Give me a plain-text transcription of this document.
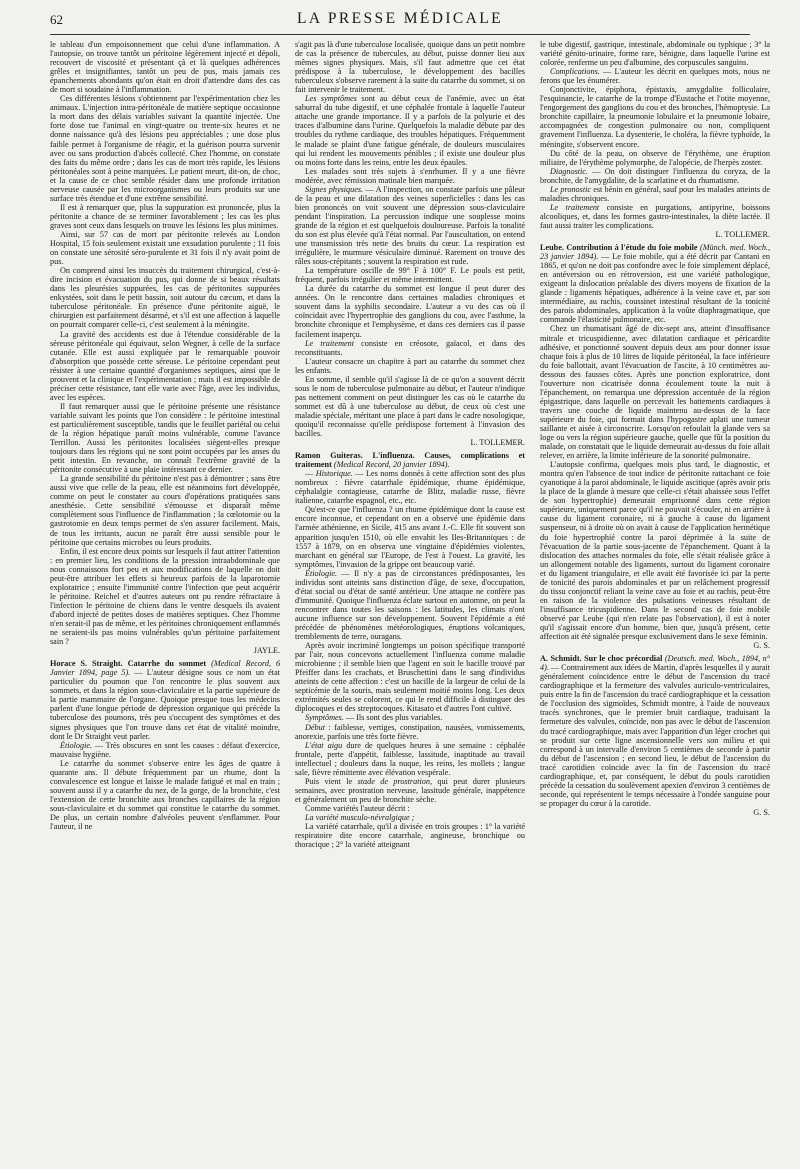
62	LA PRESSE MÉDICALE

le tableau d'un empoisonnement que celui d'une inflammation. A l'autopsie, on trouve tantôt un péritoine légèrement injecté et dépoli, recouvert de viscosité et présentant çà et là quelques adhérences grêles et insignifiantes, tantôt un peu de pus, mais jamais ces épanchements abondants qu'on était en droit d'attendre dans des cas de mort si soudaine à l'inflammation.

Ces différentes lésions s'obtiennent par l'expérimentation chez les animaux. L'injection intra-péritonéale de matière septique occasionne la mort dans des délais variables suivant la quantité injectée. Une forte dose tue l'animal en vingt-quatre ou trente-six heures et ne donne naissance qu'à des lésions peu appréciables ; une dose plus faible permet à l'organisme de réagir, et la guérison pourra survenir avec ou sans production d'abcès collecté. Chez l'homme, on constate des faits du même ordre ; dans les cas de mort très rapide, les lésions péritonéales sont à peine marquées. Le patient meurt, dit-on, de choc, et la cause de ce choc semble résider dans une profonde irritation nerveuse causée par les microorganismes ou leurs produits sur une surface très étendue et d'une extrême sensibilité.

Il est à remarquer que, plus la suppuration est prononcée, plus la péritonite a chance de se terminer favorablement ; les cas les plus graves sont ceux dans lesquels on trouve les lésions les plus minimes.

Ainsi, sur 57 cas de mort par péritonite relevés au London Hospital, 15 fois seulement existait une exsudation purulente ; 11 fois on constate une sérosité séro-purulente et 31 fois il n'y avait point de pus.

On comprend ainsi les insuccès du traitement chirurgical, c'est-à-dire incision et évacuation du pus, qui donne de si beaux résultats dans les pleurésies suppurées, les cas de péritonites suppurées enkystées, soit dans le petit bassin, soit autour du cæcum, et dans la tuberculose péritonéale. En présence d'une péritonite aiguë, le chirurgien est parfaitement désarmé, et s'il est une affection à laquelle on pourrait comparer celle-ci, c'est seulement à la méningite.

La gravité des accidents est due à l'étendue considérable de la séreuse péritonéale qui équivaut, selon Wegner, à celle de la surface cutanée. Elle est aussi expliquée par le remarquable pouvoir d'absorption que possède cette séreuse. Le péritoine cependant peut résister à une certaine quantité d'organismes septiques, ainsi que le prouvent et la clinique et l'expérimentation ; mais il est impossible de préciser cette résistance, tant elle varie avec l'âge, avec les individus, avec les espèces.

Il faut remarquer aussi que le péritoine présente une résistance variable suivant les points que l'on considère : le péritoine intestinal est particulièrement susceptible, tandis que le feuillet pariétal ou celui de la région hépatique paraît moins vulnérable, comme l'avance Terrillon. Aussi les péritonites localisées siègent-elles presque toujours dans les régions qui ne sont point occupées par les anses du petit intestin. En revanche, on connaît l'extrême gravité de la péritonite consécutive à une plaie intéressant ce dernier.

La grande sensibilité du péritoine n'est pas à démontrer ; sans être aussi vive que celle de la peau, elle est néanmoins fort développée, comme on peut le constater au cours d'opérations pratiquées sans anesthésie. Cette sensibilité s'émousse et disparaît même complètement sous l'influence de l'inflammation ; la cœlotomie ou la gastrotomie en deux temps permet de s'en assurer facilement. Mais, de tous les irritants, aucun ne paraît être aussi sensible pour le péritoine que certains microbes ou leurs produits.

Enfin, il est encore deux points sur lesquels il faut attirer l'attention : en premier lieu, les conditions de la pression intraabdominale que nous connaissons fort peu et aux modifications de laquelle on doit peut-être attribuer les effets si heureux parfois de la laparotomie exploratrice ; ensuite l'immunité contre l'infection que peut acquérir le péritoine. Reichel et d'autres auteurs ont pu rendre réfractaire à l'infection le péritoine de chiens dans le ventre desquels ils avaient d'abord injecté de petites doses de matières septiques. Chez l'homme n'en serait-il pas de même, et les péritoines chroniquement enflammés ne seraient-ils pas moins vulnérables qu'un péritoine parfaitement sain ?

JAYLE.

Horace S. Straight. Catarrhe du sommet (Medical Record, 6 Janvier 1894, page 5). — L'auteur désigne sous ce nom un état particulier du poumon que l'on rencontre le plus souvent aux sommets, et dans la région sous-claviculaire et la partie supérieure de la partie mammaire de l'organe. Quoique presque tous les médecins parlent d'une longue période de dépression organique qui précède la tuberculose des poumons, très peu s'occupent des symptômes et des signes physiques que l'on trouve dans cet état de vitalité moindre, dont le Dr Straight veut parler.

Étiologie. — Très obscures en sont les causes : défaut d'exercice, mauvaise hygiène.

Le catarrhe du sommet s'observe entre les âges de quatre à quarante ans. Il débute fréquemment par un rhume, dont la convalescence est longue et laisse le malade fatigué et mal en train ; souvent aussi il y a catarrhe du nez, de la gorge, de la bronchite, c'est l'extension de cette bronchite aux bronches capillaires de la région sous-claviculaire et du sommet qui constitue le catarrhe du sommet. De plus, un certain nombre d'alvéoles peuvent s'enflammer. Pour l'auteur, il ne

s'agit pas là d'une tuberculose localisée, quoique dans un petit nombre de cas la présence de tubercules, au début, puisse donner lieu aux mêmes signes physiques. Mais, s'il faut admettre que cet état prédispose à la tuberculose, le développement des bacilles tuberculeux s'observe rarement à la suite du catarrhe du sommet, si on fait intervenir le traitement.

Les symptômes sont au début ceux de l'anémie, avec un état saburral du tube digestif, et une céphalée frontale à laquelle l'auteur attache une grande importance. Il y a parfois de la polyurie et des traces d'albumine dans l'urine. Quelquefois la maladie débute par des troubles du rythme cardiaque, des troubles hépatiques. Fréquemment le malade se plaint d'une fatigue générale, de douleurs musculaires qui lui rendent les mouvements pénibles ; il existe une douleur plus ou moins forte dans les reins, entre les deux épaules.

Les malades sont très sujets à s'enrhumer. Il y a une fièvre modérée, avec rémission matinale bien marquée.

Signes physiques. — A l'inspection, on constate parfois une pâleur de la peau et une dilatation des veines superficielles : dans les cas bien prononcés on voit souvent une dépression sous-claviculaire pendant l'inspiration. La percussion indique une souplesse moins grande de la région et est quelquefois douloureuse. Parfois la tonalité du son est plus élevée qu'à l'état normal. Par l'auscultation, on entend une transmission très nette des bruits du cœur. La respiration est irrégulière, le murmure vésiculaire diminué. Rarement on trouve des râles sous-crépitants ; souvent la respiration est rude.

La température oscille de 99° F à 100° F. Le pouls est petit, fréquent, parfois irrégulier et même intermittent.

La durée du catarrhe du sommet est longue il peut durer des années. On le rencontre dans certaines maladies chroniques et souvent dans la syphilis secondaire. L'auteur a vu des cas où il coïncidait avec l'hypertrophie des ganglions du cou, avec l'asthme, la bronchite chronique et l'emphysème, et dans ces derniers cas il passe facilement inaperçu.

Le traitement consiste en créosote, gaïacol, et dans des reconstituants.

L'auteur consacre un chapitre à part au catarrhe du sommet chez les enfants.

En somme, il semble qu'il s'agisse là de ce qu'on a souvent décrit sous le nom de tuberculose pulmonaire au début, et l'auteur n'indique pas nettement comment on peut distinguer les cas où le catarrhe du sommet est dû à une tuberculose au début, de ceux où c'est une maladie spéciale, méritant une place à part dans le cadre nosologique, quoiqu'il reconnaisse qu'elle prédispose fortement à l'invasion des bacilles.

L. TOLLEMER.

Ramon Guiteras. L'influenza. Causes, complications et traitement (Medical Record, 20 janvier 1894).

— Historique. — Les noms donnés à cette affection sont des plus nombreux : fièvre catarrhale épidémique, rhume épidémique, céphalalgie contagieuse, catarrhe de Blitz, maladie russe, fièvre italienne, catarrhe espagnol, etc., etc.

Qu'est-ce que l'influenza ? un rhume épidémique dont la cause est encore inconnue, et cependant on en a observé une épidémie dans l'armée athénienne, en Sicile, 415 ans avant J.-C. Elle fit souvent son apparition jusqu'en 1510, où elle envahit les Iles-Britanniques : de 1557 à 1879, on en observa une vingtaine d'épidémies violentes, marchant en général sur l'Europe, de l'est à l'ouest. La gravité, les symptômes, l'invasion de la grippe ont beaucoup varié.

Étiologie. — Il n'y a pas de circonstances prédisposantes, les individus sont atteints sans distinction d'âge, de sexe, d'occupation, d'état social ou d'état de santé antérieur. Une attaque ne confère pas d'immunité. Quoique l'influenza éclate surtout en automne, on peut la rencontrer dans toutes les saisons : les latitudes, les climats n'ont aucune influence sur son développement. Souvent l'épidémie a été précédée de phénomènes météorologiques, éruptions volcaniques, tremblements de terre, ouragans.

Après avoir incriminé longtemps un poison spécifique transporté par l'air, nous concevons actuellement l'influenza comme maladie microbienne ; il semble bien que l'agent en soit le bacille trouvé par Pfeiffer dans les crachats, et Bruschettini dans le sang d'individus atteints de cette affection : c'est un bacille de la largeur de celui de la septicémie de la souris, mais seulement moitié moins long. Les deux extrémités seules se colorent, ce qui le rend difficile à distinguer des diplocoques et des streptocoques. Kitasato et d'autres l'ont cultivé.

Symptômes. — Ils sont des plus variables.

Début : faiblesse, vertiges, constipation, nausées, vomissements, anorexie, parfois une très forte fièvre.

L'état aigu dure de quelques heures à une semaine : céphalée frontale, perte d'appétit, faiblesse, lassitude, inaptitude au travail intellectuel ; douleurs dans la nuque, les reins, les mollets ; langue sale, fièvre rémittente avec élévation vespérale.

Puis vient le stade de prostration, qui peut durer plusieurs semaines, avec prostration nerveuse, lassitude générale, inappétence et généralement un peu de bronchite sèche.

Comme variétés l'auteur décrit :

La variété musculo-névralgique ;

La variété catarrhale, qu'il a divisée en trois groupes : 1° la variété respiratoire dite encore catarrhale, angineuse, bronchique ou thoracique ; 2° la variété atteignant

le tube digestif, gastrique, intestinale, abdominale ou typhique ; 3° la variété génito-urinaire, forme rare, bénigne, dans laquelle l'urine est colorée, renferme un peu d'albumine, des corpuscules sanguins.

Complications. — L'auteur les décrit en quelques mots, nous ne ferons que les énumérer.

Conjonctivite, épiphora, épistaxis, amygdalite folliculaire, l'esquinancie, le catarrhe de la trompe d'Eustache et l'otite moyenne, l'engorgement des ganglions du cou et des bronches, l'hémoptysie. La bronchite capillaire, la pneumonie lobulaire et la pneumonie lobaire, accompagnées de congestion pulmonaire ou non, compliquent gravement l'influenza. La dysenterie, le choléra, la fièvre typhoïde, la méningite, s'observent encore.

Du côté de la peau, on observe de l'érythème, une éruption miliaire, de l'érythème polymorphe, de l'alopécie, de l'herpès zoster.

Diagnostic. — On doit distinguer l'influenza du coryza, de la bronchite, de l'amygdalite, de la scarlatine et du rhumatisme.

Le pronostic est bénin en général, sauf pour les malades atteints de maladies chroniques.

Le traitement consiste en purgations, antipyrine, boissons alcooliques, et, dans les formes gastro-intestinales, la diète lactée. Il faut aussi traiter les complications.

L. TOLLEMER.

Leube. Contribution à l'étude du foie mobile (Münch. med. Woch., 23 janvier 1894). — Le foie mobile, qui a été décrit par Cantani en 1865, et qu'on ne doit pas confondre avec le foie simplement déplacé, en antéversion ou en rétroversion, est une variété pathologique, exigeant la dislocation préalable des divers moyens de fixation de la glande : ligaments hépatiques, adhérence à la veine cave et, par son intermédiaire, au rachis, coussinet intestinal résultant de la tonicité des parois abdominales, application à la voûte diaphragmatique, que commande l'élasticité pulmonaire, etc.

Chez un rhumatisant âgé de dix-sept ans, atteint d'insuffisance mitrale et tricuspidienne, avec dilatation cardiaque et péricardite adhésive, et ponctionné souvent depuis deux ans pour donner issue chaque fois à plus de 10 litres de liquide péritonéal, la face inférieure du foie ballottait, avant l'évacuation de l'ascite, à 10 centimètres au-dessous des fausses côtes. Après une ponction exploratrice, dont l'ouverture non cicatrisée donna écoulement toute la nuit à l'épanchement, on remarqua une dépression accentuée de la région épigastrique, dans laquelle on percevait les battements cardiaques à travers une couche de liquide maintenu au-dessus de la face supérieure du foie, qui formait dans l'hypogastre aplati une tumeur saillante et aisée à circonscrire. Lorsqu'on refoulait la glande vers sa loge ou vers la région supérieure gauche, quelle que fût la position du malade, on constatait que le liquide demeurait au-dessus du foie allait relever, en arrière, la limite inférieure de la sonorité pulmonaire.

L'autopsie confirma, quelques mois plus tard, le diagnostic, et montra qu'en l'absence de tout indice de péritonite rattachant ce foie cyanotique à la paroi abdominale, le liquide ascitique (après avoir pris la place de la glande à mesure que celle-ci s'était abaissée sous l'effet de son hypertrophie) demeurait emprisonné dans cette région supérieure, uniquement parce qu'il ne pouvait s'écouler, ni en arrière à cause du ligament coronaire, ni à gauche à cause du ligament suspenseur, ni à droite où on avait à cause de l'application hermétique du foie hypertrophié contre la paroi dépriméе à la suite de l'évacuation de la partie sous-jacente de l'épanchement. Quant à la dislocation des attaches normales du foie, elle s'était réalisée grâce à un allongement notable des ligaments, surtout du ligament coronaire et du ligament triangulaire, et elle avait été favorisée ici par la perte de tonicité des parois abdominales et par un relâchement progressif du tissu conjonctif reliant la veine cave au foie et au rachis, peut-être en raison de la violence des pulsations veineuses résultant de l'insuffisance tricuspidienne. Dans le second cas de foie mobile observé par Leube (qui n'en relate pas l'observation), il est à noter qu'il s'agissait encore d'un homme, bien que, jusqu'à présent, cette affection ait été signalée presque exclusivement dans le sexe féminin.

G. S.

A. Schmidt. Sur le choc précordial (Deutsch. med. Woch., 1894, n° 4). — Contrairement aux idées de Martin, d'après lesquelles il y aurait généralement coïncidence entre le début de l'ascension du tracé cardiographique et la fermeture des valvules auriculo-ventriculaires, puis entre la fin de l'ascension du tracé cardiographique et la cessation de l'occlusion des sigmoïdes, Schmidt montre, à l'aide de nouveaux tracés synchrones, que le premier bruit cardiaque, traduisant la fermeture des valvules, coïncide, non pas avec le début de l'ascension du tracé cardiographique, mais avec l'apparition d'un léger crochet qui se produit sur cette ligne ascensionnelle vers son milieu et qui correspond à un intervalle d'environ 5 centièmes de seconde à partir du début de l'ascension ; en second lieu, le début de l'ascension du tracé carotidien coïncide avec la fin de l'ascension du tracé cardiographique, et, par conséquent, le début du pouls carotidien précède la cessation du soulèvement apexien d'environ 3 centièmes de seconde, qui représentent le temps nécessaire à l'ondée sanguine pour se propager du cœur à la carotide.

G. S.
